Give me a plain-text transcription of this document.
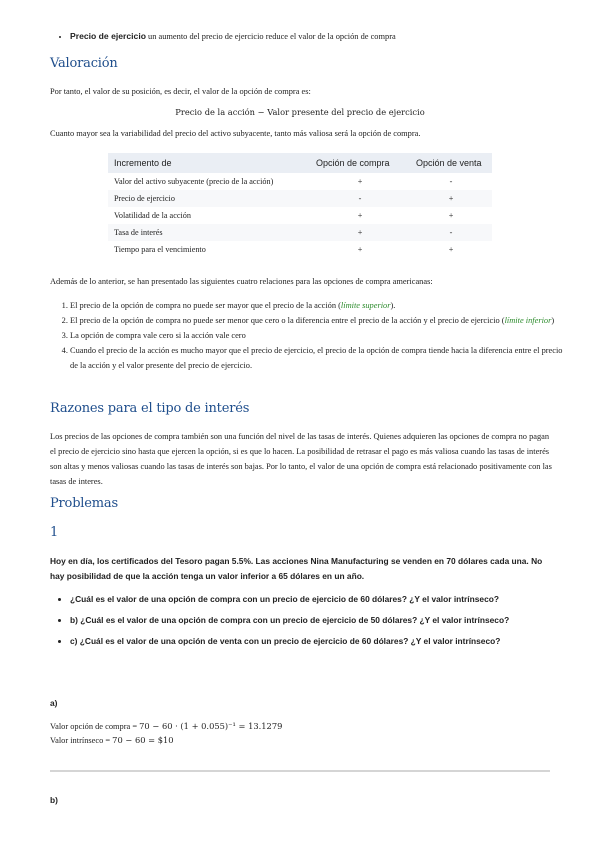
• Precio de ejercicio un aumento del precio de ejercicio reduce el valor de la opción de compra
Valoración
Por tanto, el valor de su posición, es decir, el valor de la opción de compra es:
Precio de la acción − Valor presente del precio de ejercicio
Cuanto mayor sea la variabilidad del precio del activo subyacente, tanto más valiosa será la opción de compra.
Incremento de	Opción de compra	Opción de venta
Valor del activo subyacente (precio de la acción)	+	-
Precio de ejercicio	-	+
Volatilidad de la acción	+	+
Tasa de interés	+	-
Tiempo para el vencimiento	+	+
Además de lo anterior, se han presentado las siguientes cuatro relaciones para las opciones de compra americanas:
1. El precio de la opción de compra no puede ser mayor que el precio de la acción (límite superior).
2. El precio de la opción de compra no puede ser menor que cero o la diferencia entre el precio de la acción y el precio de ejercicio (límite inferior)
3. La opción de compra vale cero si la acción vale cero
4. Cuando el precio de la acción es mucho mayor que el precio de ejercicio, el precio de la opción de compra tiende hacia la diferencia entre el precio de la acción y el valor presente del precio de ejercicio.
Razones para el tipo de interés
Los precios de las opciones de compra también son una función del nivel de las tasas de interés. Quienes adquieren las opciones de compra no pagan el precio de ejercicio sino hasta que ejercen la opción, si es que lo hacen. La posibilidad de retrasar el pago es más valiosa cuando las tasas de interés son altas y menos valiosas cuando las tasas de interés son bajas. Por lo tanto, el valor de una opción de compra está relacionado positivamente con las tasas de interes.
Problemas
1
Hoy en día, los certificados del Tesoro pagan 5.5%. Las acciones Nina Manufacturing se venden en 70 dólares cada una. No hay posibilidad de que la acción tenga un valor inferior a 65 dólares en un año.
• ¿Cuál es el valor de una opción de compra con un precio de ejercicio de 60 dólares? ¿Y el valor intrínseco?
• b) ¿Cuál es el valor de una opción de compra con un precio de ejercicio de 50 dólares? ¿Y el valor intrínseco?
• c) ¿Cuál es el valor de una opción de venta con un precio de ejercicio de 60 dólares? ¿Y el valor intrínseco?
a)
Valor opción de compra = 70 − 60 · (1 + 0.055)⁻¹ = 13.1279
Valor intrínseco = 70 − 60 = $10
b)
